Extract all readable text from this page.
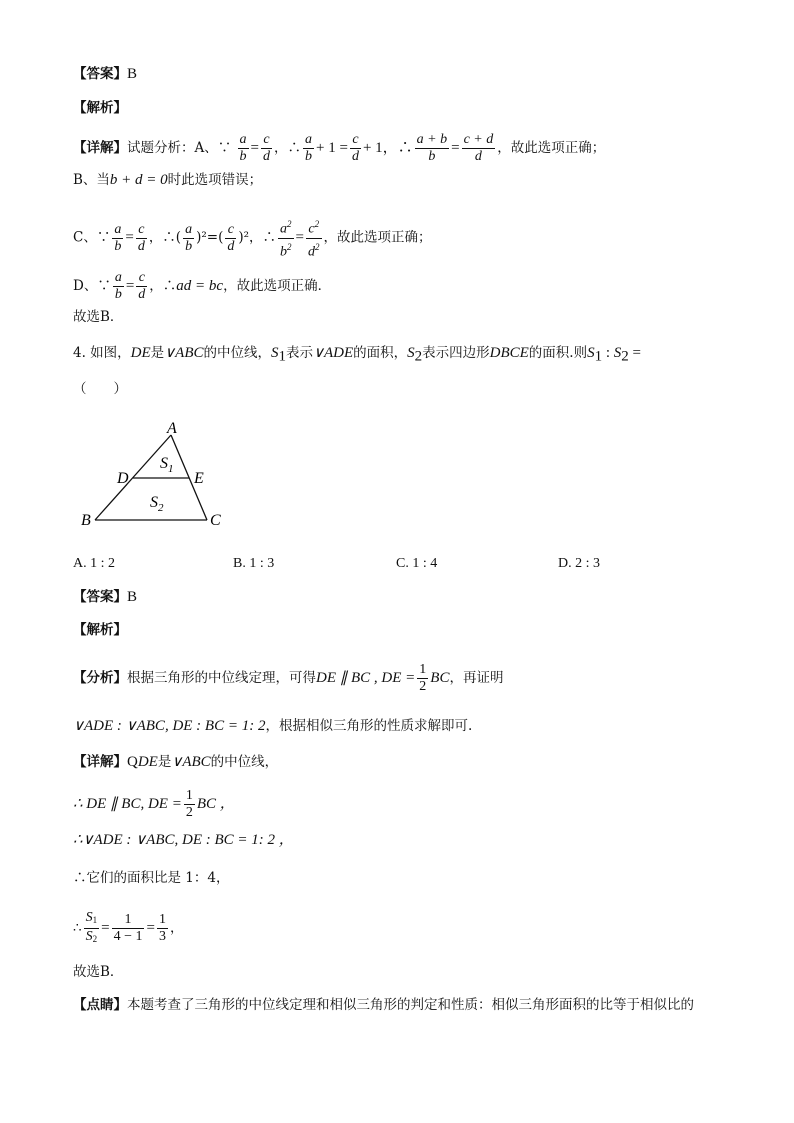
【答案】B
【解析】
【详解】试题分析：A、∵ $\frac{a}{b} = \frac{c}{d}$ ，∴ $\frac{a}{b} + 1 = \frac{c}{d} + 1$，∴ $\frac{a + b}{b} = \frac{c + d}{d}$ ，故此选项正确；
B、当b + d = 0时此选项错误；
C、∵ $\frac{a}{b} = \frac{c}{d}$ ，∴( $\frac{a}{b} )^2=( \frac{c}{d} )^2$，∴ $\frac{a^2}{b^2} = \frac{c^2}{d^2}$ ，故此选项正确；
D、∵ $\frac{a}{b} = \frac{c}{d}$ ，∴ad = bc，故此选项正确．
故选B．
4. 如图，DE是∨ABC的中位线，$S_1$表示∨ADE的面积，$S_2$表示四边形DBCE的面积.则$S_1$ : $S_2$ =
（　　）
A
B	C
D	E
$S_1$
$S_2$
A. 1 : 2	B. 1 : 3	C. 1 : 4	D. 2 : 3
【答案】B
【解析】
【分析】根据三角形的中位线定理，可得DE ∥ BC , DE = $\frac{1}{2}$ BC，再证明
∨ADE : ∨ABC, DE : BC = 1: 2，根据相似三角形的性质求解即可.
【详解】QDE是∨ABC的中位线，
∴ DE ∥ BC, DE = $\frac{1}{2}$ BC ，
∴∨ADE : ∨ABC, DE : BC = 1: 2 ，
∴它们的面积比是 1：4，
∴ $\frac{S_1}{S_2} = \frac{1}{4 - 1} = \frac{1}{3}$ ，
故选B．
【点睛】本题考查了三角形的中位线定理和相似三角形的判定和性质：相似三角形面积的比等于相似比的
